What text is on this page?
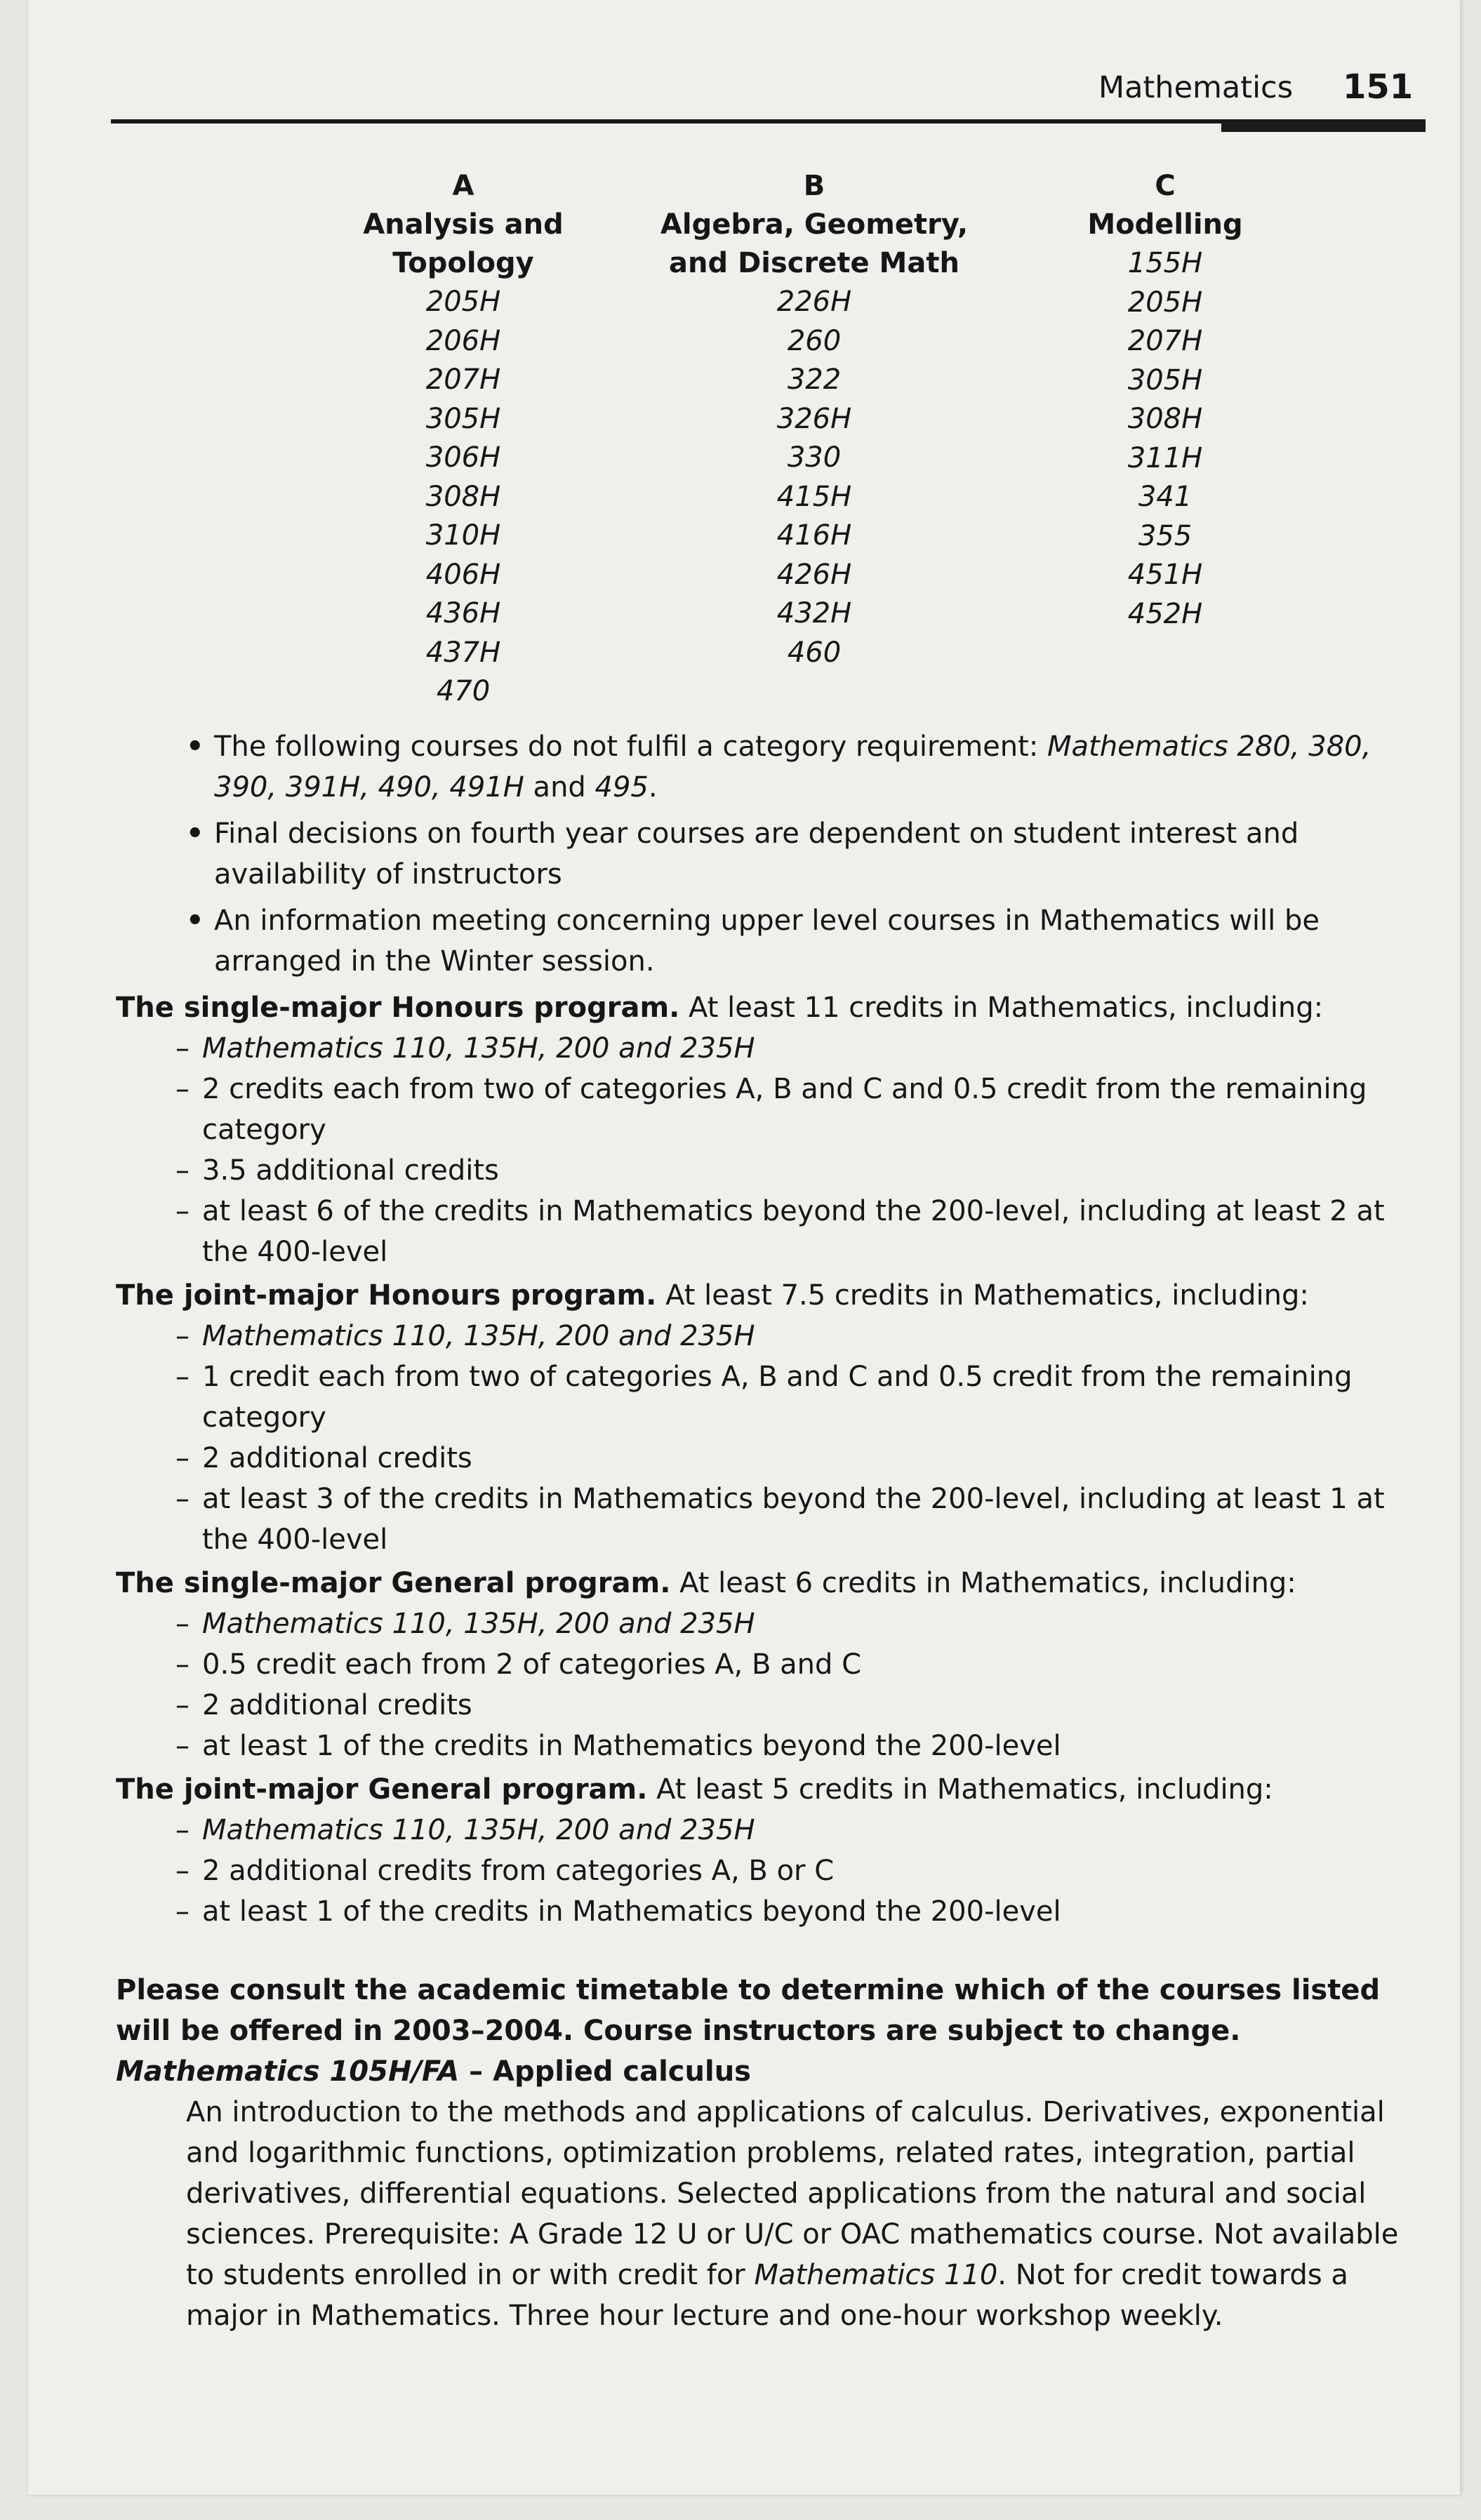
Mathematics 151
A
Analysis and
Topology
205H
206H
207H
305H
306H
308H
310H
406H
436H
437H
470
B
Algebra, Geometry,
and Discrete Math
226H
260
322
326H
330
415H
416H
426H
432H
460
C
Modelling

155H
205H
207H
305H
308H
311H
341
355
451H
452H
• The following courses do not fulfil a category requirement: Mathematics 280, 380, 390, 391H, 490, 491H and 495.
• Final decisions on fourth year courses are dependent on student interest and availability of instructors
• An information meeting concerning upper level courses in Mathematics will be arranged in the Winter session.
The single-major Honours program. At least 11 credits in Mathematics, including:
– Mathematics 110, 135H, 200 and 235H
– 2 credits each from two of categories A, B and C and 0.5 credit from the remaining category
– 3.5 additional credits
– at least 6 of the credits in Mathematics beyond the 200-level, including at least 2 at the 400-level
The joint-major Honours program. At least 7.5 credits in Mathematics, including:
– Mathematics 110, 135H, 200 and 235H
– 1 credit each from two of categories A, B and C and 0.5 credit from the remaining category
– 2 additional credits
– at least 3 of the credits in Mathematics beyond the 200-level, including at least 1 at the 400-level
The single-major General program. At least 6 credits in Mathematics, including:
– Mathematics 110, 135H, 200 and 235H
– 0.5 credit each from 2 of categories A, B and C
– 2 additional credits
– at least 1 of the credits in Mathematics beyond the 200-level
The joint-major General program. At least 5 credits in Mathematics, including:
– Mathematics 110, 135H, 200 and 235H
– 2 additional credits from categories A, B or C
– at least 1 of the credits in Mathematics beyond the 200-level
Please consult the academic timetable to determine which of the courses listed will be offered in 2003–2004. Course instructors are subject to change.
Mathematics 105H/FA – Applied calculus
An introduction to the methods and applications of calculus. Derivatives, exponential and logarithmic functions, optimization problems, related rates, integration, partial derivatives, differential equations. Selected applications from the natural and social sciences. Prerequisite: A Grade 12 U or U/C or OAC mathematics course. Not available to students enrolled in or with credit for Mathematics 110. Not for credit towards a major in Mathematics. Three hour lecture and one-hour workshop weekly.
